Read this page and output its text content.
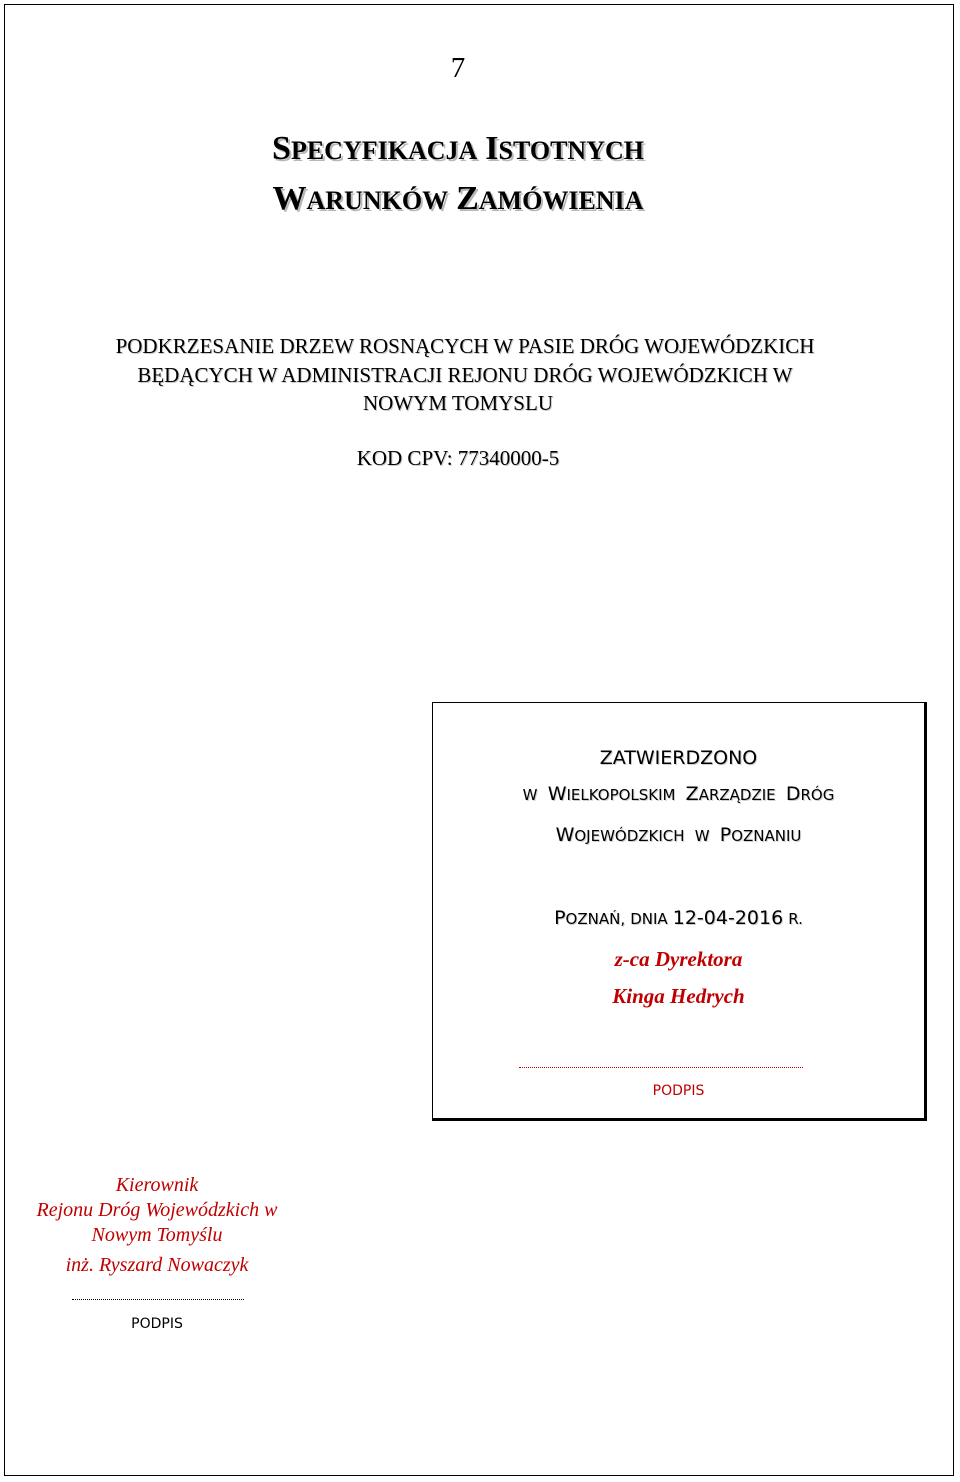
7
SPECYFIKACJA ISTOTNYCH
WARUNKÓW ZAMÓWIENIA
PODKRZESANIE DRZEW ROSNĄCYCH W PASIE DRÓG WOJEWÓDZKICH
BĘDĄCYCH W ADMINISTRACJI REJONU DRÓG WOJEWÓDZKICH W
NOWYM TOMYSLU
KOD CPV: 77340000-5
ZATWIERDZONO
W WIELKOPOLSKIM ZARZĄDZIE DRÓG
WOJEWÓDZKICH W POZNANIU
POZNAŃ, DNIA 12-04-2016 R.
z-ca Dyrektora
Kinga Hedrych
PODPIS
Kierownik
Rejonu Dróg Wojewódzkich w
Nowym Tomyślu
inż. Ryszard Nowaczyk
PODPIS
